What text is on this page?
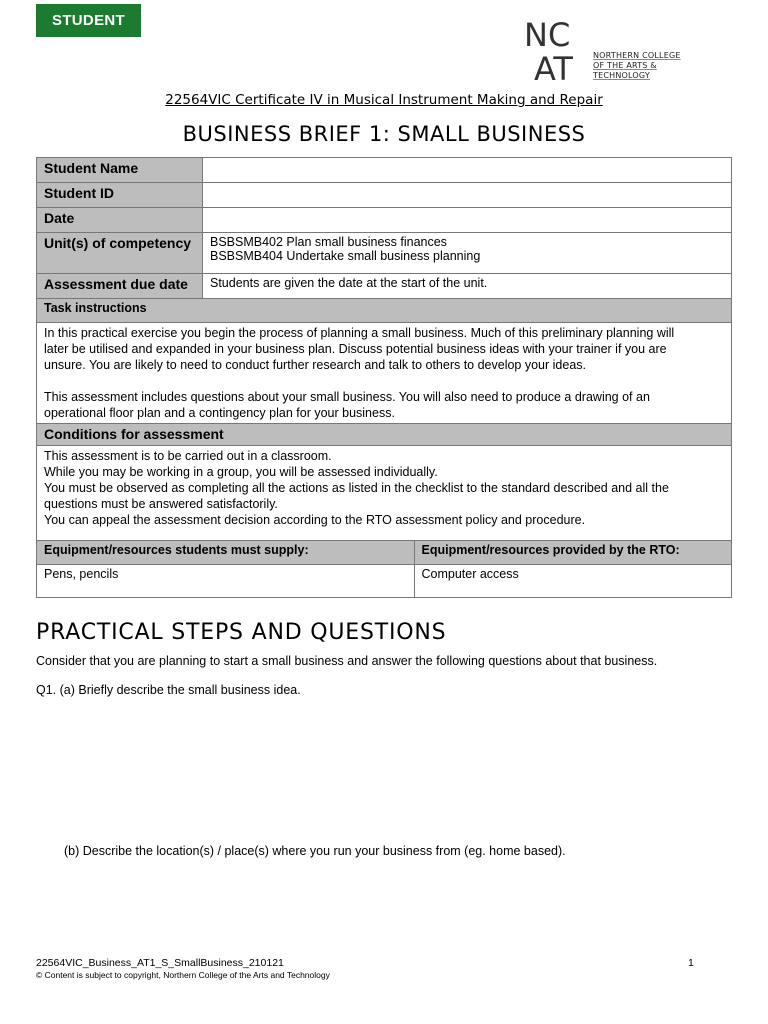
STUDENT	NC
AT	NORTHERN COLLEGE
OF THE ARTS &
TECHNOLOGY
22564VIC Certificate IV in Musical Instrument Making and Repair
BUSINESS BRIEF 1: SMALL BUSINESS
Student Name		
Student ID		
Date		
Unit(s) of competency	BSBSMB402 Plan small business finances
BSBSMB404 Undertake small business planning	

Assessment due date	Students are given the date at the start of the unit.	
Task instructions		

In this practical exercise you begin the process of planning a small business. Much of this preliminary planning will
later be utilised and expanded in your business plan. Discuss potential business ideas with your trainer if you are
unsure. You are likely to need to conduct further research and talk to others to develop your ideas.
This assessment includes questions about your small business. You will also need to produce a drawing of an
operational floor plan and a contingency plan for your business.		

Conditions for assessment		

This assessment is to be carried out in a classroom.
While you may be working in a group, you will be assessed individually.
You must be observed as completing all the actions as listed in the checklist to the standard described and all the
questions must be answered satisfactorily.
You can appeal the assessment decision according to the RTO assessment policy and procedure.		

Equipment/resources students must supply:		Equipment/resources provided by the RTO:
Pens, pencils		Computer access
PRACTICAL STEPS AND QUESTIONS
Consider that you are planning to start a small business and answer the following questions about that business.
Q1. (a) Briefly describe the small business idea.
(b) Describe the location(s) / place(s) where you run your business from (eg. home based).
22564VIC_Business_AT1_S_SmallBusiness_210121
© Content is subject to copyright, Northern College of the Arts and Technology
1
